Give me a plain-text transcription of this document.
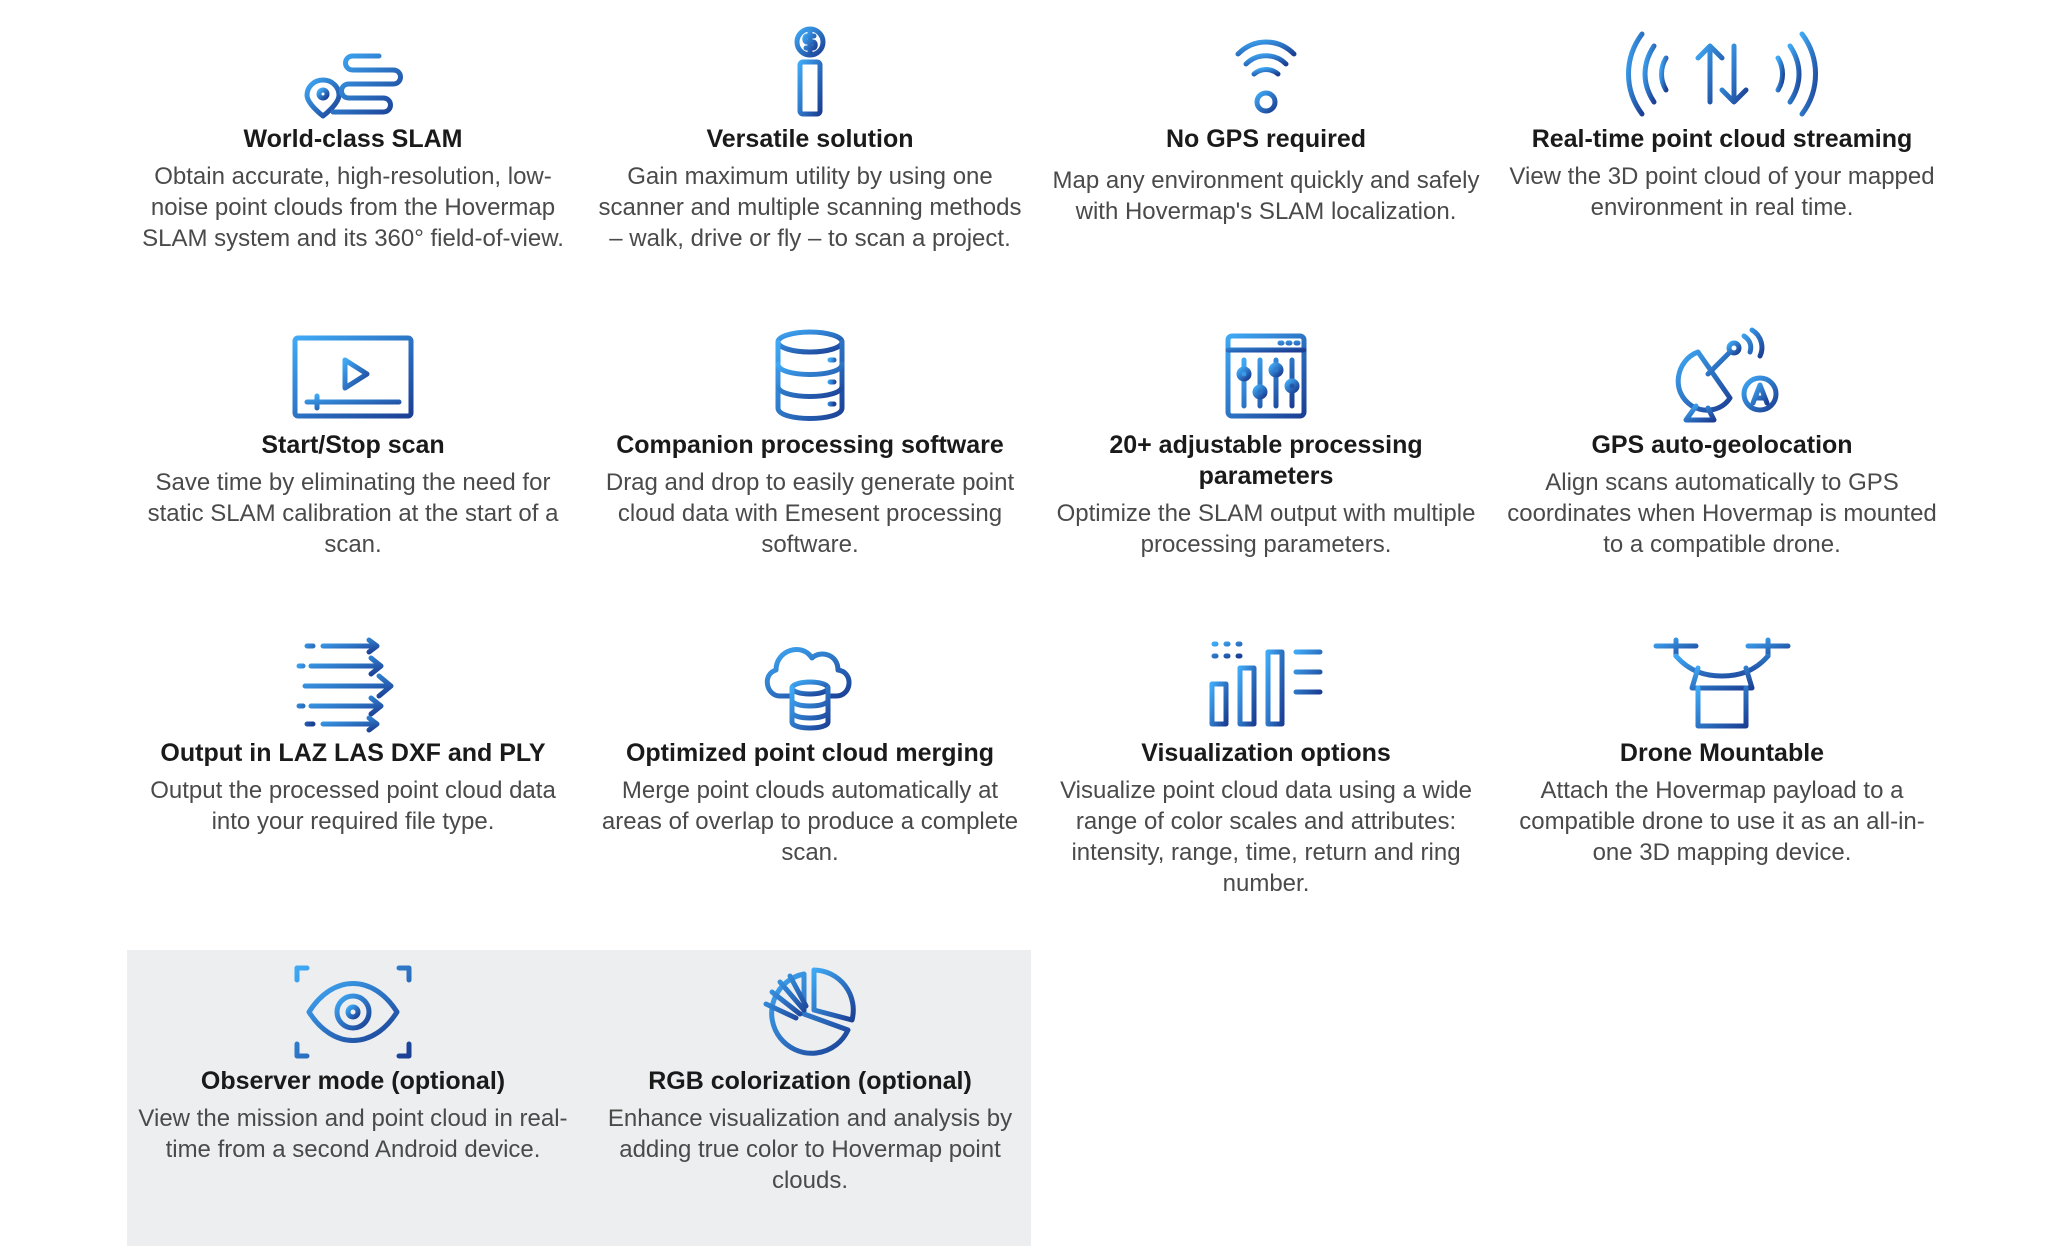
World-class SLAM
Obtain accurate, high-resolution, low-noise point clouds from the Hovermap SLAM system and its 360° field-of-view.
Versatile solution
Gain maximum utility by using one scanner and multiple scanning methods – walk, drive or fly – to scan a project.
No GPS required
Map any environment quickly and safely with Hovermap's SLAM localization.
Real-time point cloud streaming
View the 3D point cloud of your mapped environment in real time.
Start/Stop scan
Save time by eliminating the need for static SLAM calibration at the start of a scan.
Companion processing software
Drag and drop to easily generate point cloud data with Emesent processing software.
20+ adjustable processing parameters
Optimize the SLAM output with multiple processing parameters.
GPS auto-geolocation
Align scans automatically to GPS coordinates when Hovermap is mounted to a compatible drone.
Output in LAZ LAS DXF and PLY
Output the processed point cloud data into your required file type.
Optimized point cloud merging
Merge point clouds automatically at areas of overlap to produce a complete scan.
Visualization options
Visualize point cloud data using a wide range of color scales and attributes: intensity, range, time, return and ring number.
Drone Mountable
Attach the Hovermap payload to a compatible drone to use it as an all-in-one 3D mapping device.
Observer mode (optional)
View the mission and point cloud in real-time from a second Android device.
RGB colorization (optional)
Enhance visualization and analysis by adding true color to Hovermap point clouds.
